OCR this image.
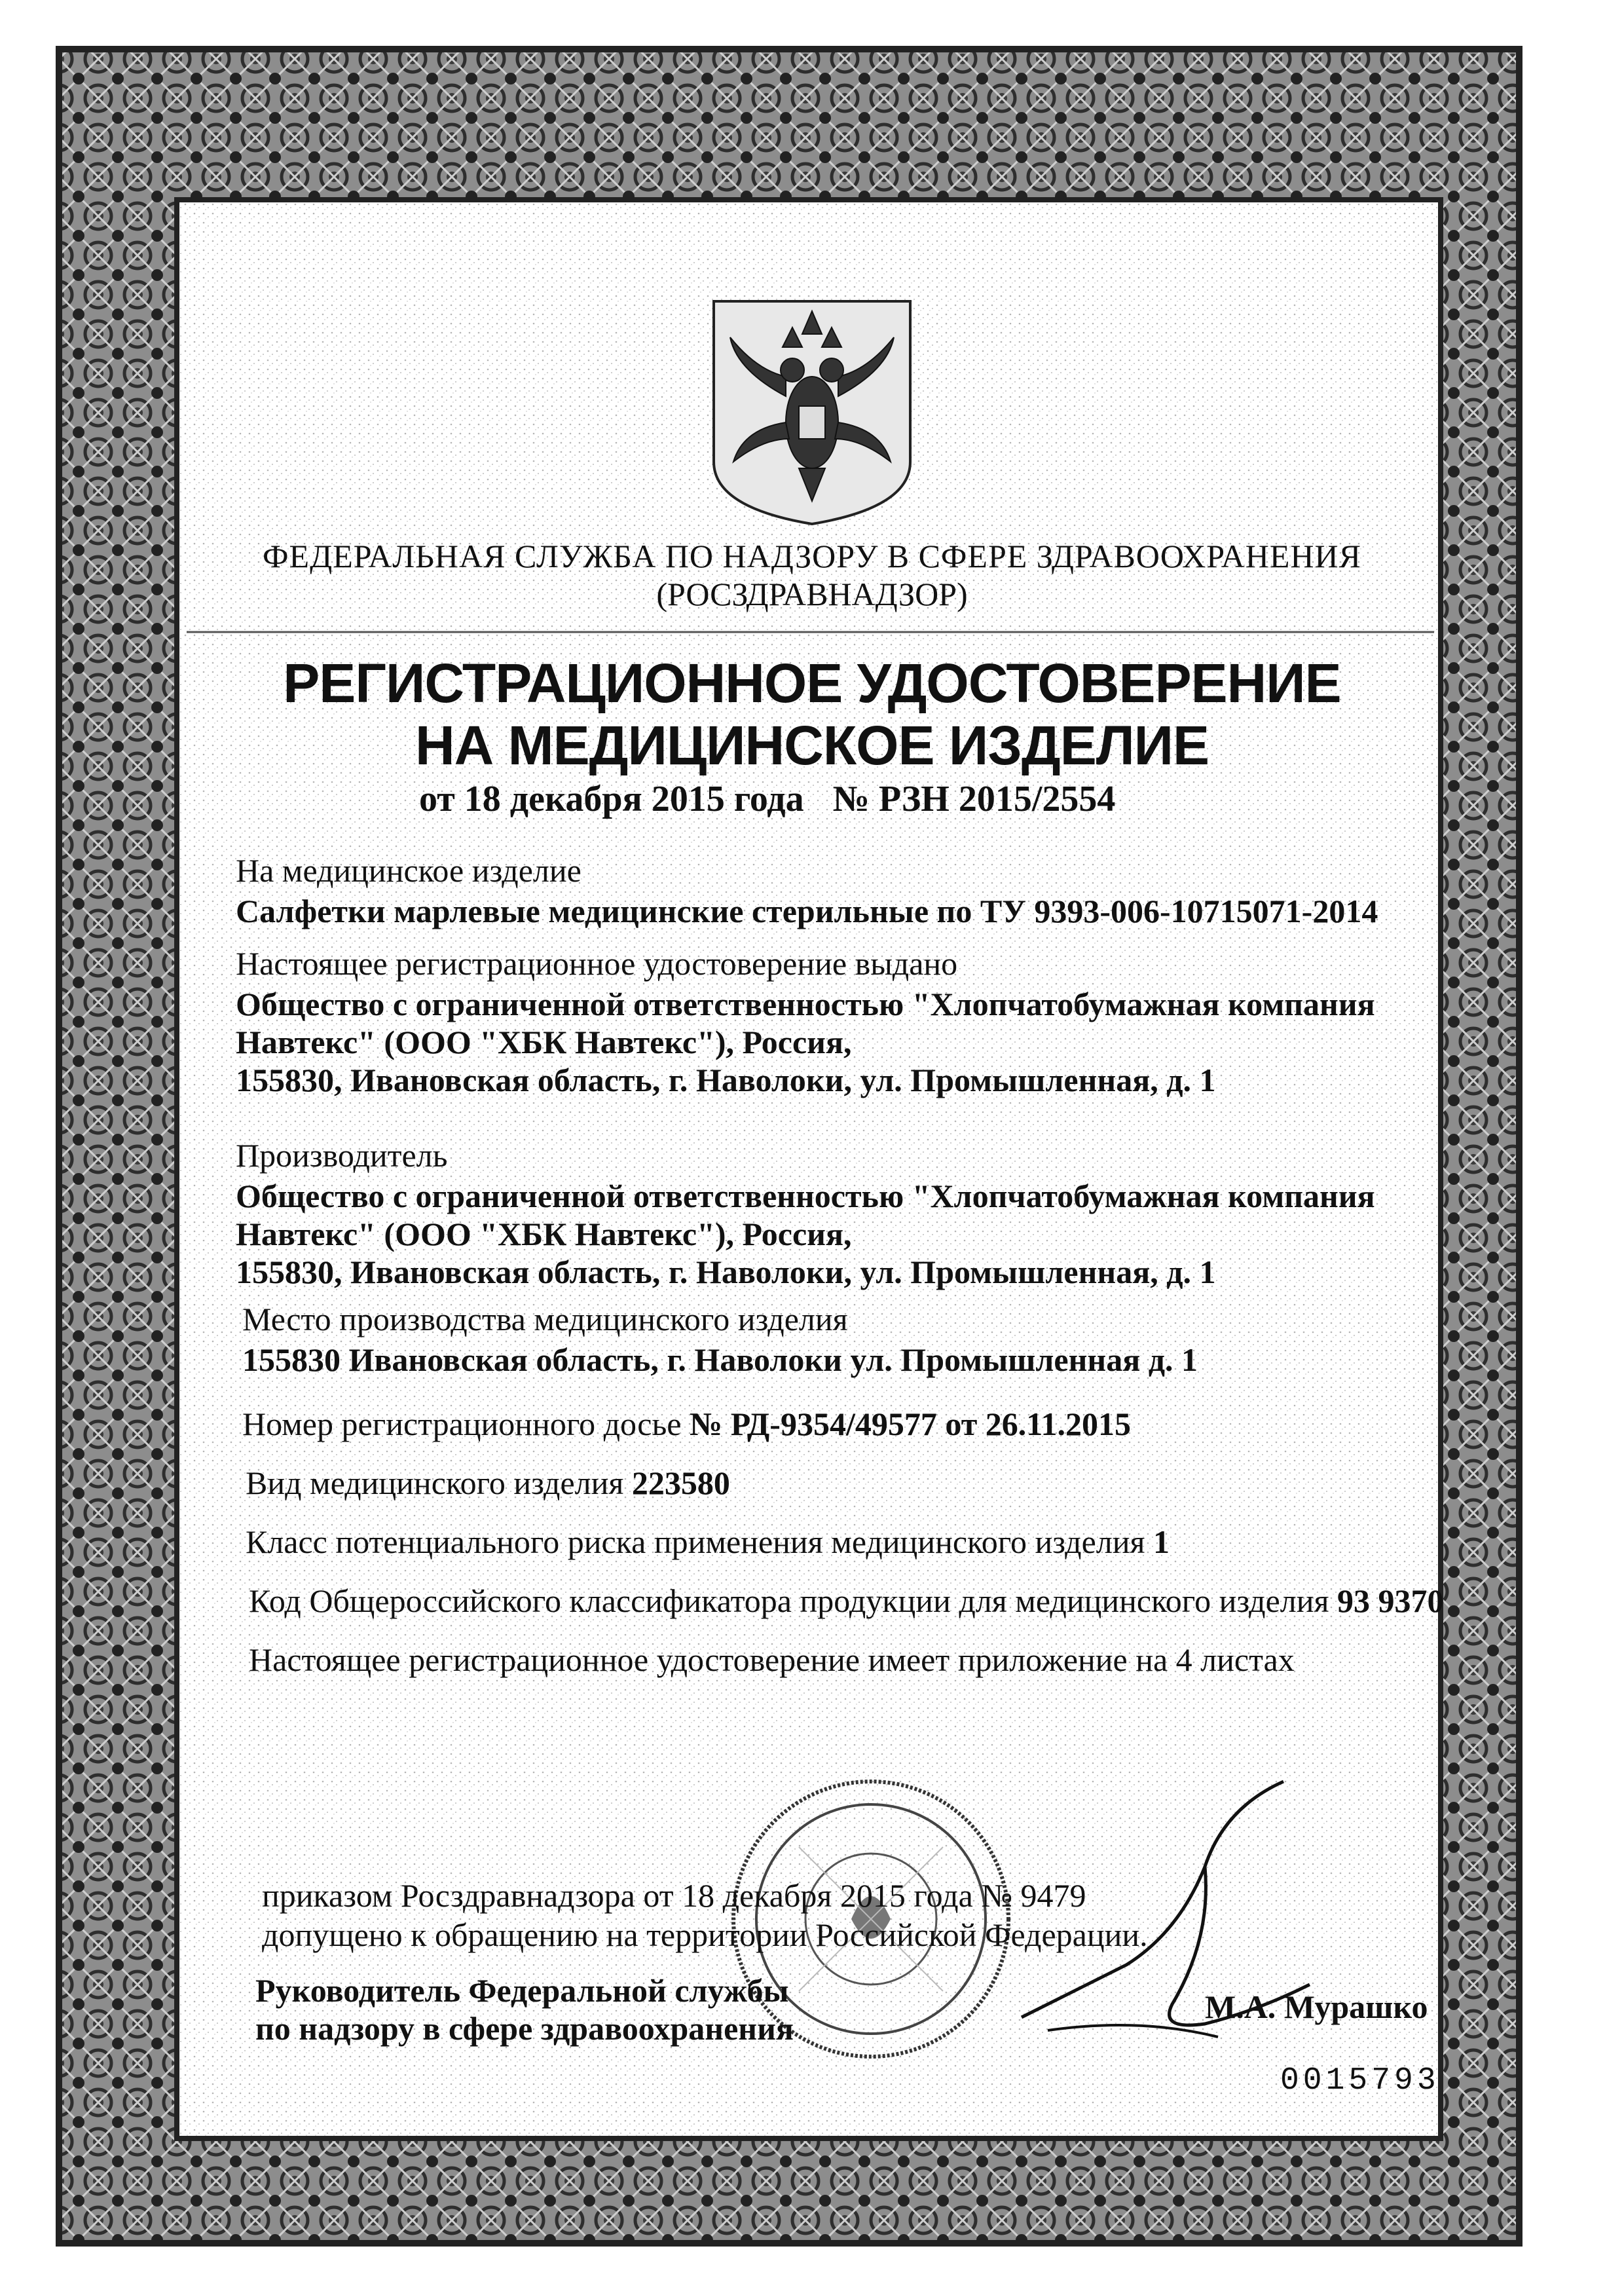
ФЕДЕРАЛЬНАЯ СЛУЖБА ПО НАДЗОРУ В СФЕРЕ ЗДРАВООХРАНЕНИЯ
(РОСЗДРАВНАДЗОР)
РЕГИСТРАЦИОННОЕ УДОСТОВЕРЕНИЕ
НА МЕДИЦИНСКОЕ ИЗДЕЛИЕ
от 18 декабря 2015 года № РЗН 2015/2554
На медицинское изделие
Салфетки марлевые медицинские стерильные по ТУ 9393-006-10715071-2014
Настоящее регистрационное удостоверение выдано
Общество с ограниченной ответственностью "Хлопчатобумажная компания
Навтекс" (ООО "ХБК Навтекс"), Россия,
155830, Ивановская область, г. Наволоки, ул. Промышленная, д. 1
Производитель
Общество с ограниченной ответственностью "Хлопчатобумажная компания
Навтекс" (ООО "ХБК Навтекс"), Россия,
155830, Ивановская область, г. Наволоки, ул. Промышленная, д. 1
Место производства медицинского изделия
155830 Ивановская область, г. Наволоки ул. Промышленная д. 1
Номер регистрационного досье № РД-9354/49577 от 26.11.2015
Вид медицинского изделия 223580
Класс потенциального риска применения медицинского изделия 1
Код Общероссийского классификатора продукции для медицинского изделия 93 9370
Настоящее регистрационное удостоверение имеет приложение на 4 листах
приказом Росздравнадзора от 18 декабря 2015 года № 9479
допущено к обращению на территории Российской Федерации.
Руководитель Федеральной службы
по надзору в сфере здравоохранения
М.А. Мурашко
0015793
